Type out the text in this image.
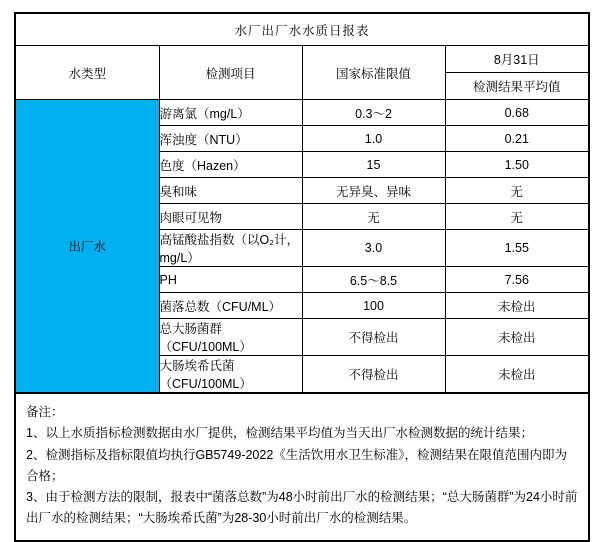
水厂出厂水水质日报表			
水类型	检测项目	国家标准限值	8月31日
			检测结果平均值
出厂水	游离氯（mg/L）	0.3～2	0.68
	浑浊度（NTU）	1.0	0.21
	色度（Hazen）	15	1.50
	臭和味	无异臭、异味	无
	肉眼可见物	无	无
	高锰酸盐指数（以O₂计，mg/L）	3.0	1.55
	PH	6.5～8.5	7.56
	菌落总数（CFU/ML）	100	未检出
	总大肠菌群（CFU/100ML）	不得检出	未检出
	大肠埃希氏菌（CFU/100ML）	不得检出	未检出
备注：
1、以上水质指标检测数据由水厂提供，检测结果平均值为当天出厂水检测数据的统计结果；
2、检测指标及指标限值均执行GB5749-2022《生活饮用水卫生标准》，检测结果在限值范围内即为合格；
3、由于检测方法的限制，报表中“菌落总数”为48小时前出厂水的检测结果；“总大肠菌群”为24小时前出厂水的检测结果；“大肠埃希氏菌”为28-30小时前出厂水的检测结果。
